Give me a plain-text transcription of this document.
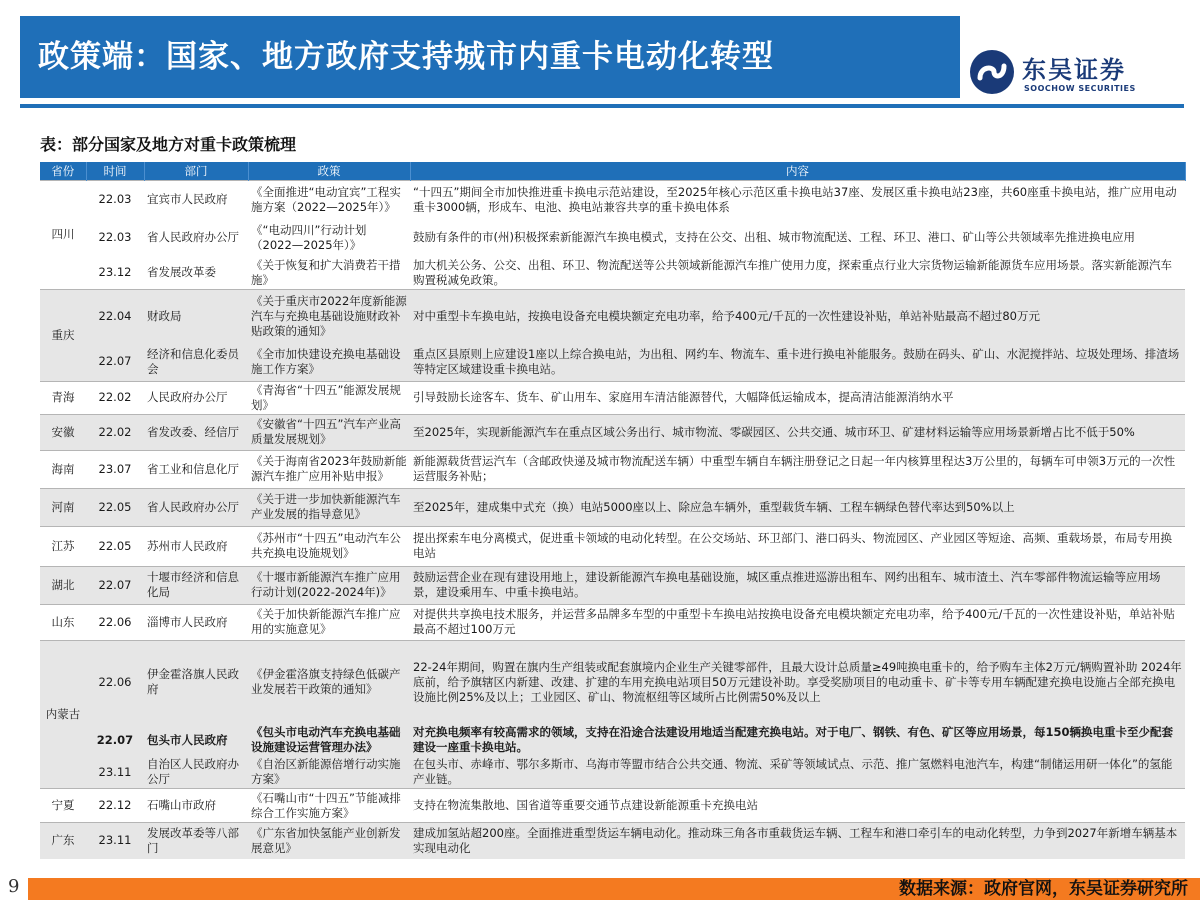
政策端：国家、地方政府支持城市内重卡电动化转型	东吴证券
SOOCHOW SECURITIES
表：部分国家及地方对重卡政策梳理
省份	时间	部门	政策	内容
四川	22.03	宜宾市人民政府	《全面推进“电动宜宾”工程实施方案（2022—2025年）》	“十四五”期间全市加快推进重卡换电示范站建设，至2025年核心示范区重卡换电站37座、发展区重卡换电站23座，共60座重卡换电站，推广应用电动重卡3000辆，形成车、电池、换电站兼容共享的重卡换电体系
	22.03	省人民政府办公厅	《“电动四川”行动计划（2022—2025年）》	鼓励有条件的市(州)积极探索新能源汽车换电模式，支持在公交、出租、城市物流配送、工程、环卫、港口、矿山等公共领域率先推进换电应用
	23.12	省发展改革委	《关于恢复和扩大消费若干措施》	加大机关公务、公交、出租、环卫、物流配送等公共领域新能源汽车推广使用力度，探索重点行业大宗货物运输新能源货车应用场景。落实新能源汽车购置税减免政策。
重庆	22.04	财政局	《关于重庆市2022年度新能源汽车与充换电基础设施财政补贴政策的通知》	对中重型卡车换电站，按换电设备充电模块额定充电功率，给予400元/千瓦的一次性建设补贴，单站补贴最高不超过80万元
	22.07	经济和信息化委员会	《全市加快建设充换电基础设施工作方案》	重点区县原则上应建设1座以上综合换电站，为出租、网约车、物流车、重卡进行换电补能服务。鼓励在码头、矿山、水泥搅拌站、垃圾处理场、排渣场等特定区域建设重卡换电站。
青海	22.02	人民政府办公厅	《青海省“十四五”能源发展规划》	引导鼓励长途客车、货车、矿山用车、家庭用车清洁能源替代，大幅降低运输成本，提高清洁能源消纳水平
安徽	22.02	省发改委、经信厅	《安徽省“十四五”汽车产业高质量发展规划》	至2025年，实现新能源汽车在重点区域公务出行、城市物流、零碳园区、公共交通、城市环卫、矿建材料运输等应用场景新增占比不低于50%
海南	23.07	省工业和信息化厅	《关于海南省2023年鼓励新能源汽车推广应用补贴申报》	新能源载货营运汽车（含邮政快递及城市物流配送车辆）中重型车辆自车辆注册登记之日起一年内核算里程达3万公里的，每辆车可申领3万元的一次性运营服务补贴；
河南	22.05	省人民政府办公厅	《关于进一步加快新能源汽车产业发展的指导意见》	至2025年，建成集中式充（换）电站5000座以上、除应急车辆外，重型载货车辆、工程车辆绿色替代率达到50%以上
江苏	22.05	苏州市人民政府	《苏州市“十四五”电动汽车公共充换电设施规划》	提出探索车电分离模式，促进重卡领域的电动化转型。在公交场站、环卫部门、港口码头、物流园区、产业园区等短途、高频、重载场景，布局专用换电站
湖北	22.07	十堰市经济和信息化局	《十堰市新能源汽车推广应用行动计划(2022-2024年)》	鼓励运营企业在现有建设用地上，建设新能源汽车换电基础设施，城区重点推进巡游出租车、网约出租车、城市渣土、汽车零部件物流运输等应用场景，建设乘用车、中重卡换电站。
山东	22.06	淄博市人民政府	《关于加快新能源汽车推广应用的实施意见》	对提供共享换电技术服务，并运营多品牌多车型的中重型卡车换电站按换电设备充电模块额定充电功率，给予400元/千瓦的一次性建设补贴，单站补贴最高不超过100万元
内蒙古	22.06	伊金霍洛旗人民政府	《伊金霍洛旗支持绿色低碳产业发展若干政策的通知》	22-24年期间，购置在旗内生产组装或配套旗境内企业生产关键零部件，且最大设计总质量≥49吨换电重卡的，给予购车主体2万元/辆购置补助 2024年底前，给予旗辖区内新建、改建、扩建的车用充换电站项目50万元建设补助。享受奖励项目的电动重卡、矿卡等专用车辆配建充换电设施占全部充换电设施比例25%及以上；工业园区、矿山、物流枢纽等区域所占比例需50%及以上
	22.07	包头市人民政府	《包头市电动汽车充换电基础设施建设运营管理办法》	对充换电频率有较高需求的领域，支持在沿途合法建设用地适当配建充换电站。对于电厂、钢铁、有色、矿区等应用场景，每150辆换电重卡至少配套建设一座重卡换电站。
	23.11	自治区人民政府办公厅	《自治区新能源倍增行动实施方案》	在包头市、赤峰市、鄂尔多斯市、乌海市等盟市结合公共交通、物流、采矿等领域试点、示范、推广氢燃料电池汽车，构建“制储运用研一体化”的氢能产业链。
宁夏	22.12	石嘴山市政府	《石嘴山市“十四五”节能减排综合工作实施方案》	支持在物流集散地、国省道等重要交通节点建设新能源重卡充换电站
广东	23.11	发展改革委等八部门	《广东省加快氢能产业创新发展意见》	建成加氢站超200座。全面推进重型货运车辆电动化。推动珠三角各市重载货运车辆、工程车和港口牵引车的电动化转型，力争到2027年新增车辆基本实现电动化
9	数据来源：政府官网，东吴证券研究所
